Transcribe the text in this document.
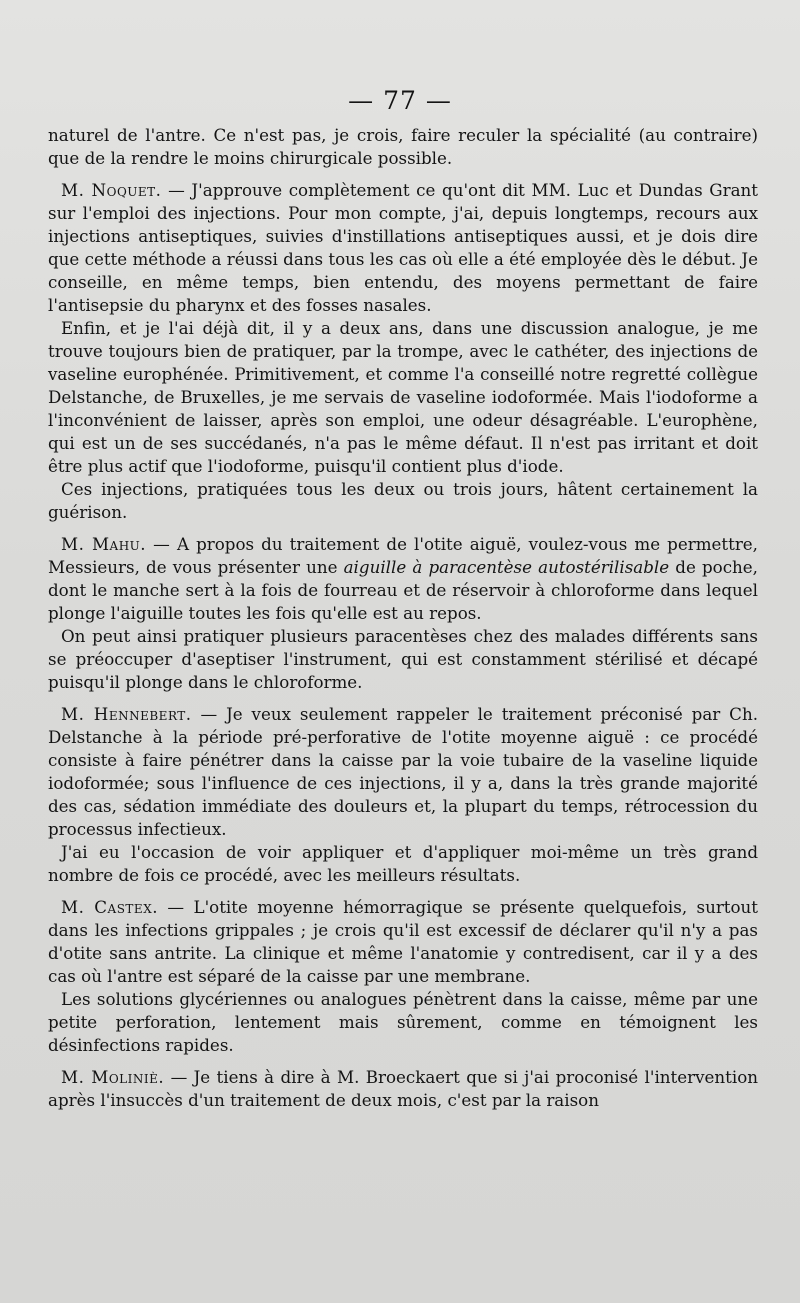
— 77 —

naturel de l'antre. Ce n'est pas, je crois, faire reculer la spécialité (au contraire) que de la rendre le moins chirurgicale possible.

M. Noquet. — J'approuve complètement ce qu'ont dit MM. Luc et Dundas Grant sur l'emploi des injections. Pour mon compte, j'ai, depuis longtemps, recours aux injections antiseptiques, suivies d'instillations antiseptiques aussi, et je dois dire que cette méthode a réussi dans tous les cas où elle a été employée dès le début. Je conseille, en même temps, bien entendu, des moyens permettant de faire l'antisepsie du pharynx et des fosses nasales.

Enfin, et je l'ai déjà dit, il y a deux ans, dans une discussion analogue, je me trouve toujours bien de pratiquer, par la trompe, avec le cathéter, des injections de vaseline europhénée. Primitivement, et comme l'a conseillé notre regretté collègue Delstanche, de Bruxelles, je me servais de vaseline iodoformée. Mais l'iodoforme a l'inconvénient de laisser, après son emploi, une odeur désagréable. L'europhène, qui est un de ses succédanés, n'a pas le même défaut. Il n'est pas irritant et doit être plus actif que l'iodoforme, puisqu'il contient plus d'iode.

Ces injections, pratiquées tous les deux ou trois jours, hâtent certainement la guérison.

M. Mahu. — A propos du traitement de l'otite aiguë, voulez-vous me permettre, Messieurs, de vous présenter une aiguille à paracentèse autostérilisable de poche, dont le manche sert à la fois de fourreau et de réservoir à chloroforme dans lequel plonge l'aiguille toutes les fois qu'elle est au repos.

On peut ainsi pratiquer plusieurs paracentèses chez des malades différents sans se préoccuper d'aseptiser l'instrument, qui est constamment stérilisé et décapé puisqu'il plonge dans le chloroforme.

M. Hennebert. — Je veux seulement rappeler le traitement préconisé par Ch. Delstanche à la période pré-perforative de l'otite moyenne aiguë : ce procédé consiste à faire pénétrer dans la caisse par la voie tubaire de la vaseline liquide iodoformée; sous l'influence de ces injections, il y a, dans la très grande majorité des cas, sédation immédiate des douleurs et, la plupart du temps, rétrocession du processus infectieux.

J'ai eu l'occasion de voir appliquer et d'appliquer moi-même un très grand nombre de fois ce procédé, avec les meilleurs résultats.

M. Castex. — L'otite moyenne hémorragique se présente quelquefois, surtout dans les infections grippales ; je crois qu'il est excessif de déclarer qu'il n'y a pas d'otite sans antrite. La clinique et même l'anatomie y contredisent, car il y a des cas où l'antre est séparé de la caisse par une membrane.

Les solutions glycériennes ou analogues pénètrent dans la caisse, même par une petite perforation, lentement mais sûrement, comme en témoignent les désinfections rapides.

M. Moliniè. — Je tiens à dire à M. Broeckaert que si j'ai proconisé l'intervention après l'insuccès d'un traitement de deux mois, c'est par la raison
